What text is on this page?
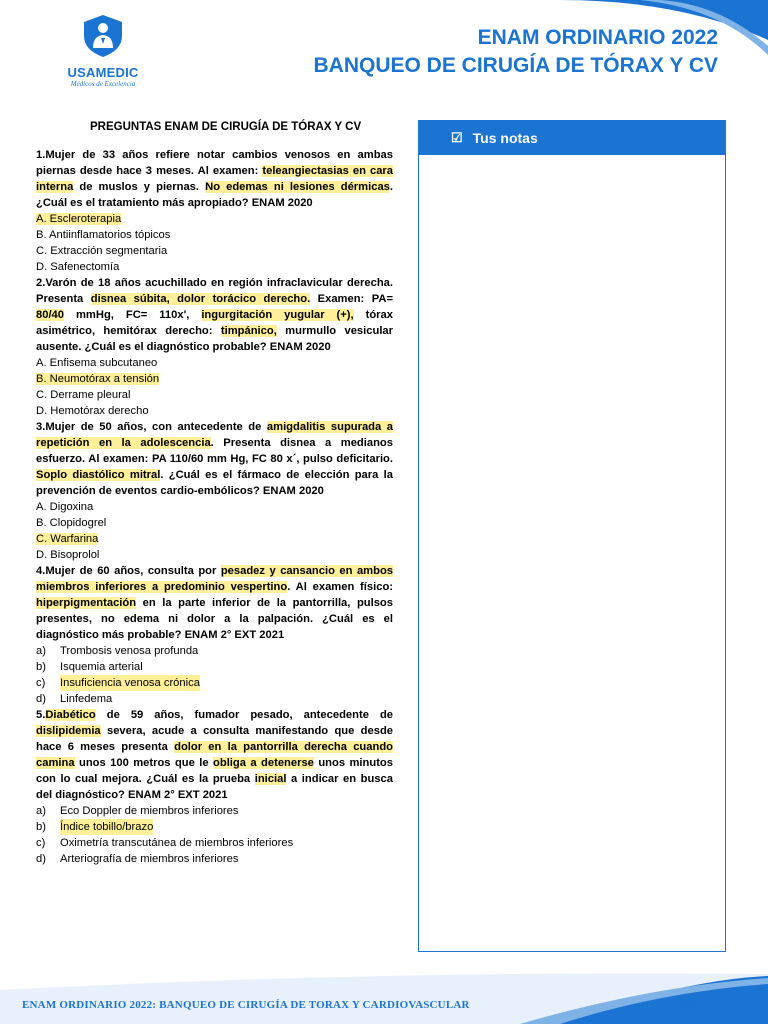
USAMEDIC
Médicos de Excelencia
ENAM ORDINARIO 2022
BANQUEO DE CIRUGÍA DE TÓRAX Y CV
PREGUNTAS ENAM DE CIRUGÍA DE TÓRAX Y CV

1.Mujer de 33 años refiere notar cambios venosos en ambas piernas desde hace 3 meses. Al examen: teleangiectasias en cara interna de muslos y piernas. No edemas ni lesiones dérmicas. ¿Cuál es el tratamiento más apropiado? ENAM 2020

A. Escleroterapia

B. Antiinflamatorios tópicos

C. Extracción segmentaria

D. Safenectomía

2.Varón de 18 años acuchillado en región infraclavicular derecha. Presenta disnea súbita, dolor torácico derecho. Examen: PA= 80/40 mmHg, FC= 110x', ingurgitación yugular (+), tórax asimétrico, hemitórax derecho: timpánico, murmullo vesicular ausente. ¿Cuál es el diagnóstico probable? ENAM 2020

A. Enfisema subcutaneo

B. Neumotórax a tensión

C. Derrame pleural

D. Hemotórax derecho

3.Mujer de 50 años, con antecedente de amigdalitis supurada a repetición en la adolescencia. Presenta disnea a medianos esfuerzo. Al examen: PA 110/60 mm Hg, FC 80 x´, pulso deficitario. Soplo diastólico mitral. ¿Cuál es el fármaco de elección para la prevención de eventos cardio-embólicos? ENAM 2020

A. Digoxina

B. Clopidogrel

C. Warfarina

D. Bisoprolol

4.Mujer de 60 años, consulta por pesadez y cansancio en ambos miembros inferiores a predominio vespertino. Al examen físico: hiperpigmentación en la parte inferior de la pantorrilla, pulsos presentes, no edema ni dolor a la palpación. ¿Cuál es el diagnóstico más probable? ENAM 2° EXT 2021

a)	Trombosis venosa profunda

b)	Isquemia arterial

c)	Insuficiencia venosa crónica

d)	Linfedema

5.Diabético de 59 años, fumador pesado, antecedente de dislipidemia severa, acude a consulta manifestando que desde hace 6 meses presenta dolor en la pantorrilla derecha cuando camina unos 100 metros que le obliga a detenerse unos minutos con lo cual mejora. ¿Cuál es la prueba inicial a indicar en busca del diagnóstico? ENAM 2° EXT 2021

a)	Eco Doppler de miembros inferiores

b)	Índice tobillo/brazo

c)	Oximetría transcutánea de miembros inferiores

d)	Arteriografía de miembros inferiores

☑ Tus notas
ENAM ORDINARIO 2022: BANQUEO DE CIRUGÍA DE TORAX Y CARDIOVASCULAR	pág. 1
